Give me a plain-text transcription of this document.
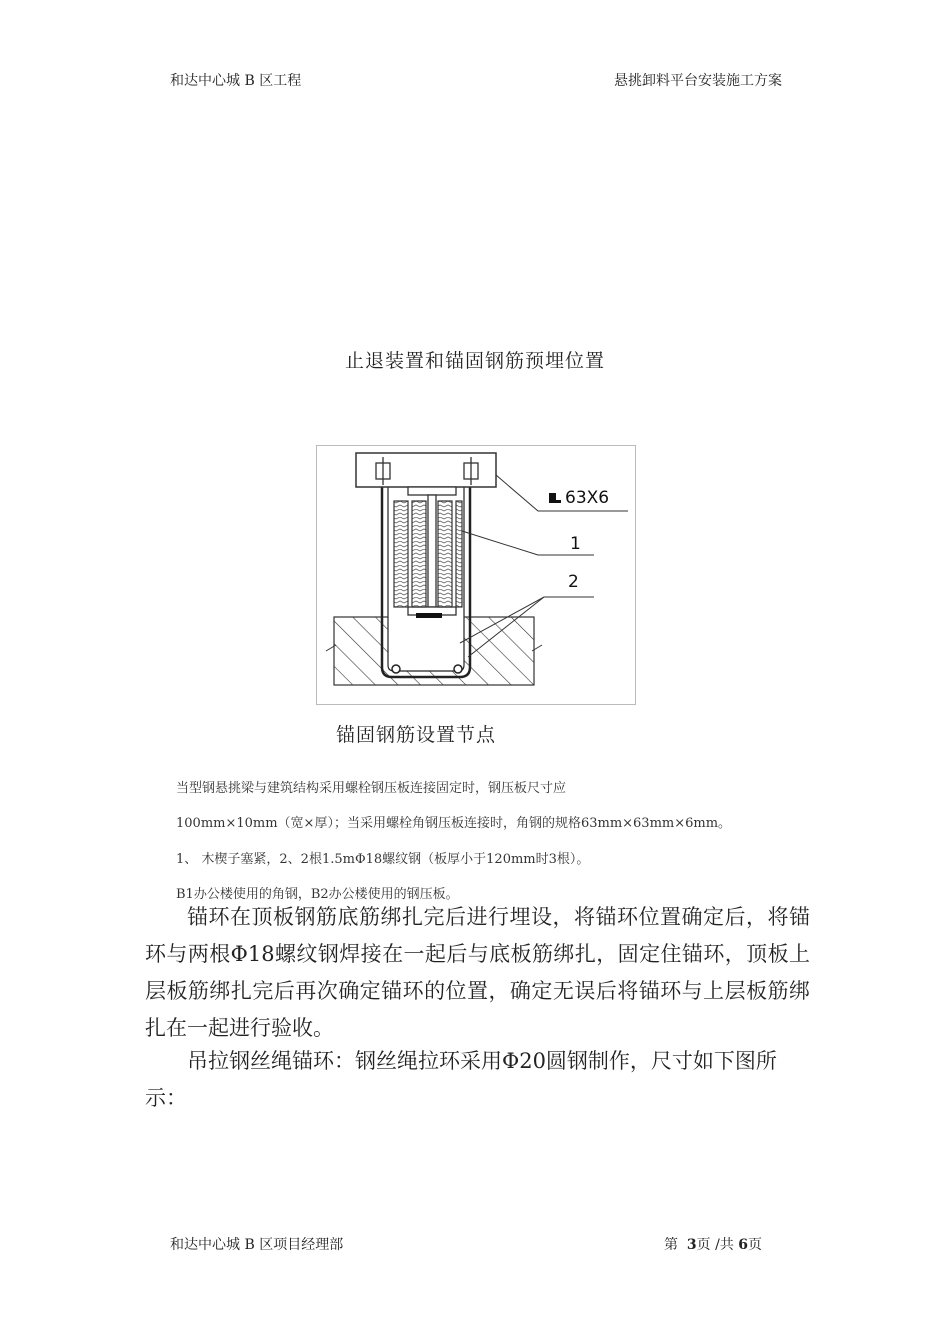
和达中心城 B 区工程	悬挑卸料平台安装施工方案
止退装置和锚固钢筋预埋位置
63X6
1
2
锚固钢筋设置节点
当型钢悬挑梁与建筑结构采用螺栓钢压板连接固定时，钢压板尺寸应
100mm×10mm（宽×厚）；当采用螺栓角钢压板连接时，角钢的规格63mm×63mm×6mm。
1、 木楔子塞紧，2、2根1.5mΦ18螺纹钢（板厚小于120mm时3根）。
B1办公楼使用的角钢，B2办公楼使用的钢压板。
锚环在顶板钢筋底筋绑扎完后进行埋设，将锚环位置确定后，将锚环与两根Φ18螺纹钢焊接在一起后与底板筋绑扎，固定住锚环，顶板上层板筋绑扎完后再次确定锚环的位置，确定无误后将锚环与上层板筋绑扎在一起进行验收。
吊拉钢丝绳锚环：钢丝绳拉环采用Φ20圆钢制作，尺寸如下图所示：
和达中心城 B 区项目经理部	第 3页 /共 6页
